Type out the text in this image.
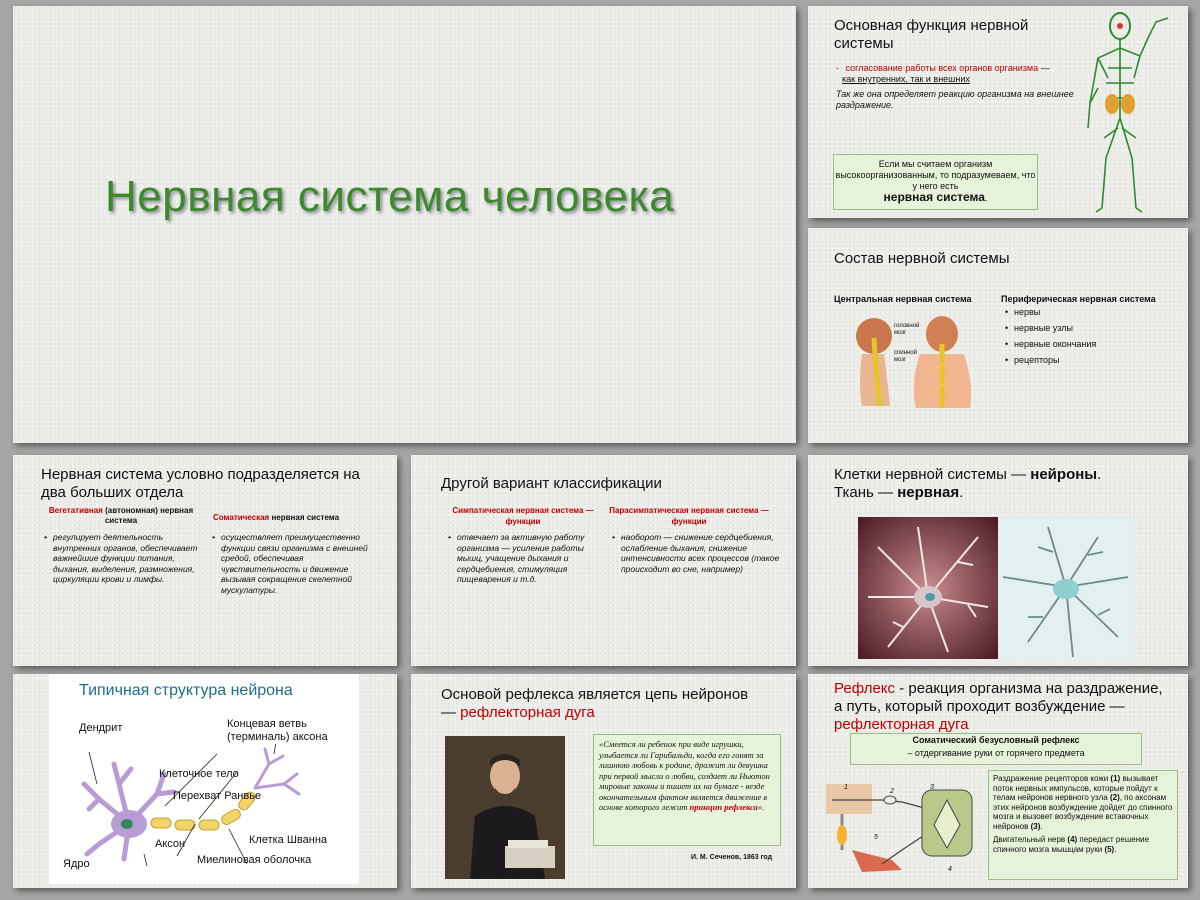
Нервная система человека
Основная функция нервной системы
- согласование работы всех органов организма —
как внутренних, так и внешних
Так же она определяет реакцию организма на внешнее раздражение.
Если мы считаем организм высокоорганизованным, то подразумеваем, что у него есть
нервная система.
Состав нервной системы
Центральная нервная система	Периферическая нервная система
• нервы
• нервные узлы
• нервные окончания
• рецепторы
головной мозг
спинной мозг
Нервная система условно подразделяется на два больших отдела
Вегетативная (автономная) нервная система
• регулирует деятельность внутренних органов, обеспечивает важнейшие функции питания, дыхания, выделения, размножения, циркуляции крови и лимфы.
Соматическая нервная система
• осуществляет преимущественно функции связи организма с внешней средой, обеспечивая чувствительность и движение вызывая сокращение скелетной мускулатуры.
Другой вариант классификации
Симпатическая нервная система — функции
• отвечает за активную работу организма — усиление работы мышц, учащение дыхания и сердцебиения, стимуляция пищеварения и т.д.
Парасимпатическая нервная система — функции
• наоборот — снижение сердцебиения, ослабление дыхания, снижение интенсивности всех процессов (такое происходит во сне, например)
Клетки нервной системы — нейроны.
Ткань — нервная.
Типичная структура нейрона
Дендрит	Концевая ветвь (терминаль) аксона
Клеточное тело
Перехват Ранвье
Клетка Шванна
Аксон
Ядро	Миелиновая оболочка
Основой рефлекса является цепь нейронов
— рефлекторная дуга
«Смеется ли ребенок при виде игрушки, улыбается ли Гарибальди, когда его гонят за лишнюю любовь к родине, дрожит ли девушка при первой мысли о любви, создает ли Ньютон мировые законы и пишет их на бумаге - везде окончательным фактом является движение в основе которого лежит принцип рефлекса».
И. М. Сеченов, 1863 год
Рефлекс - реакция организма на раздражение, а путь, который проходит возбуждение — рефлекторная дуга
Соматический безусловный рефлекс
– отдергивание руки от горячего предмета
1
2
3
4
5
Раздражение рецепторов кожи (1) вызывает поток нервных импульсов, которые пойдут к телам нейронов нервного узла (2), по аксонам этих нейронов возбуждение дойдет до спинного мозга и вызовет возбуждение вставочных нейронов (3).
Двигательный нерв (4) передаст решение спинного мозга мышцам руки (5).
